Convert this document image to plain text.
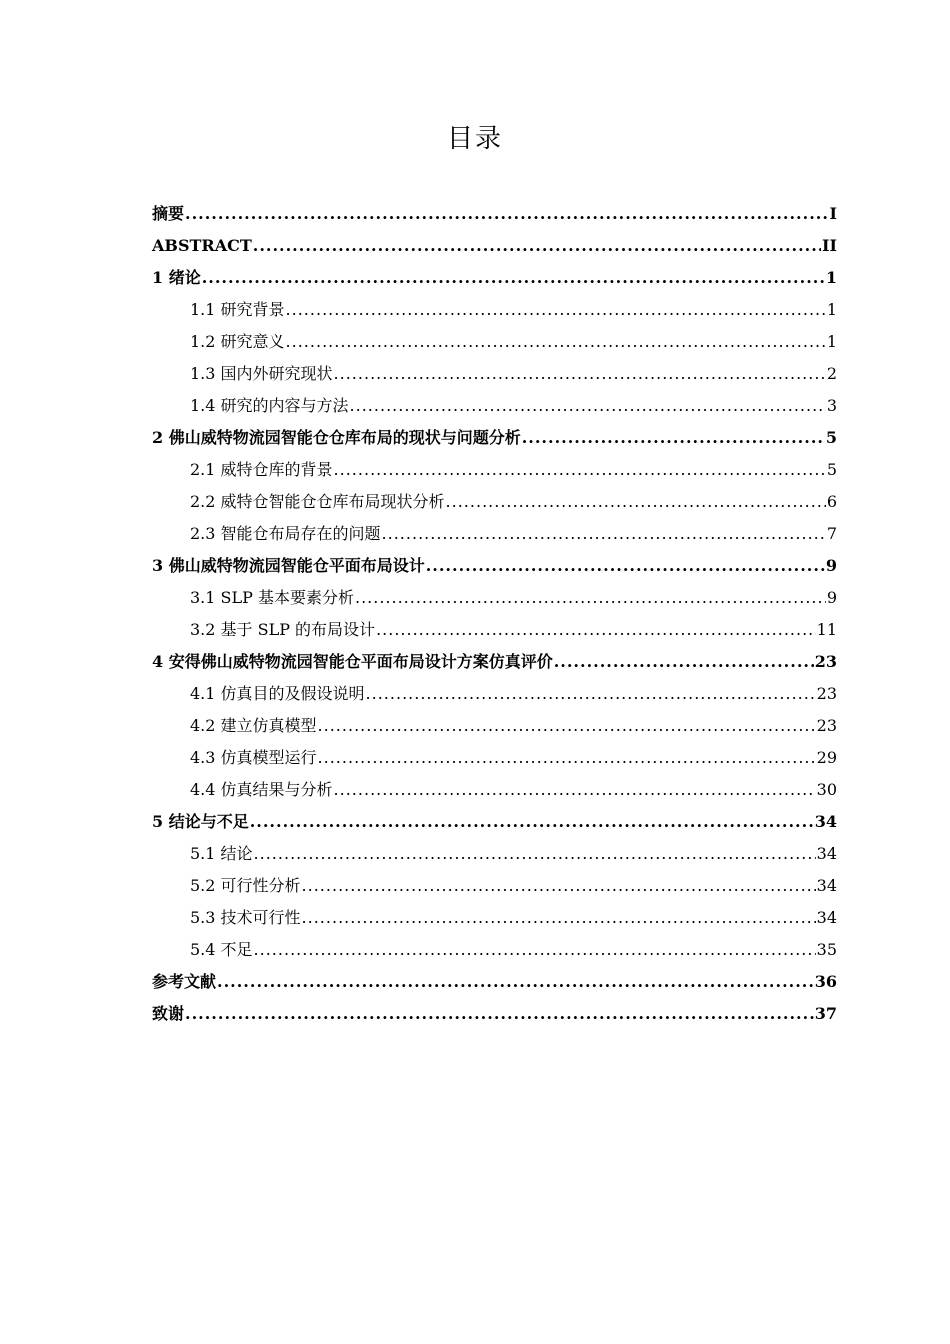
目录
摘要 .....	I
ABSTRACT .....	II
1 绪论 .....	1
1.1 研究背景 .....	1
1.2 研究意义 .....	1
1.3 国内外研究现状 .....	2
1.4 研究的内容与方法 .....	3
2 佛山威特物流园智能仓仓库布局的现状与问题分析 .....	5
2.1 威特仓库的背景 .....	5
2.2 威特仓智能仓仓库布局现状分析 .....	6
2.3 智能仓布局存在的问题 .....	7
3 佛山威特物流园智能仓平面布局设计 .....	9
3.1 SLP 基本要素分析 .....	9
3.2 基于 SLP 的布局设计 .....	11
4 安得佛山威特物流园智能仓平面布局设计方案仿真评价 .....	23
4.1 仿真目的及假设说明 .....	23
4.2 建立仿真模型 .....	23
4.3 仿真模型运行 .....	29
4.4 仿真结果与分析 .....	30
5 结论与不足 .....	34
5.1 结论 .....	34
5.2 可行性分析 .....	34
5.3 技术可行性 .....	34
5.4 不足 .....	35
参考文献 .....	36
致谢 .....	37
